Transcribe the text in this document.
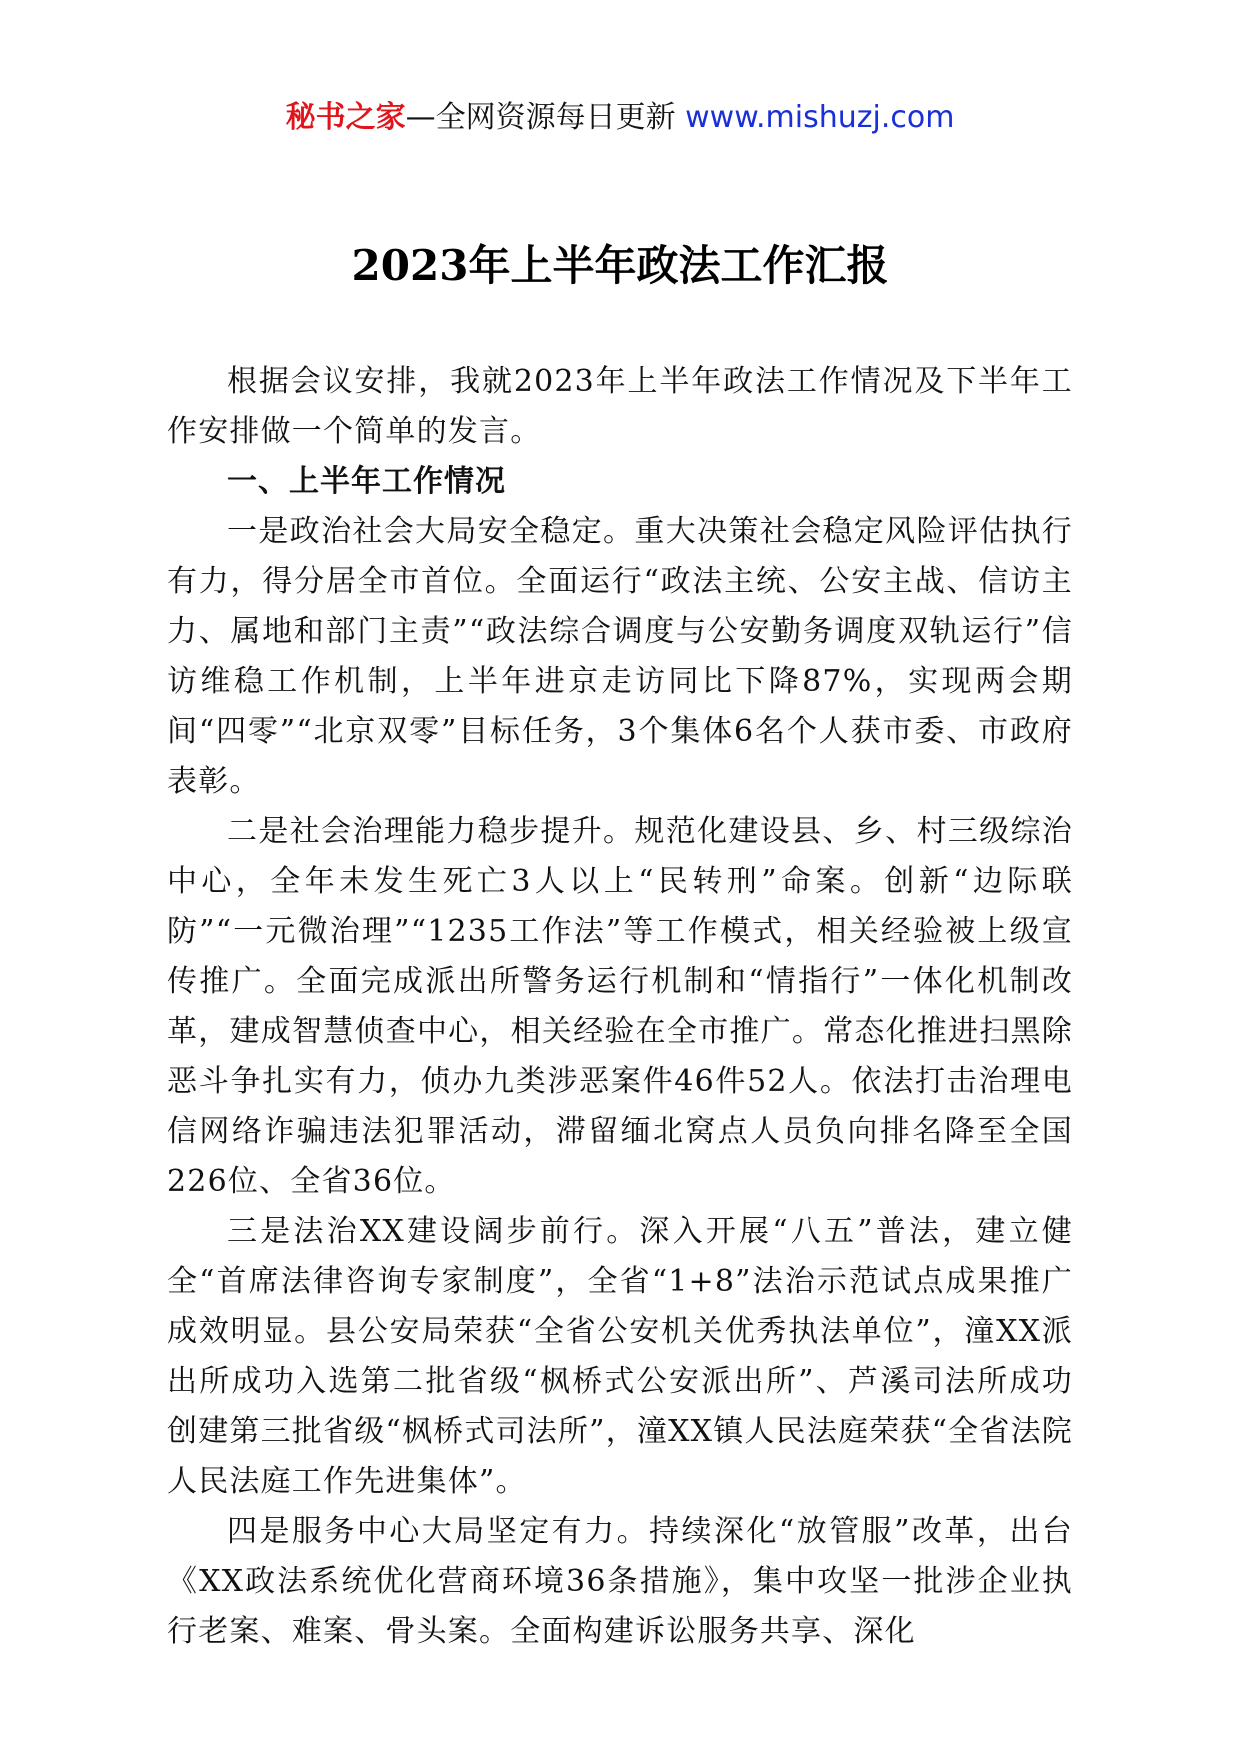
秘书之家—全网资源每日更新 www.mishuzj.com
2023年上半年政法工作汇报

根据会议安排，我就2023年上半年政法工作情况及下半年工作安排做一个简单的发言。

一、上半年工作情况

一是政治社会大局安全稳定。重大决策社会稳定风险评估执行有力，得分居全市首位。全面运行“政法主统、公安主战、信访主力、属地和部门主责”“政法综合调度与公安勤务调度双轨运行”信访维稳工作机制，上半年进京走访同比下降87%，实现两会期间“四零”“北京双零”目标任务，3个集体6名个人获市委、市政府表彰。

二是社会治理能力稳步提升。规范化建设县、乡、村三级综治中心，全年未发生死亡3人以上“民转刑”命案。创新“边际联防”“一元微治理”“1235工作法”等工作模式，相关经验被上级宣传推广。全面完成派出所警务运行机制和“情指行”一体化机制改革，建成智慧侦查中心，相关经验在全市推广。常态化推进扫黑除恶斗争扎实有力，侦办九类涉恶案件46件52人。依法打击治理电信网络诈骗违法犯罪活动，滞留缅北窝点人员负向排名降至全国226位、全省36位。

三是法治XX建设阔步前行。深入开展“八五”普法，建立健全“首席法律咨询专家制度”，全省“1+8”法治示范试点成果推广成效明显。县公安局荣获“全省公安机关优秀执法单位”，潼XX派出所成功入选第二批省级“枫桥式公安派出所”、芦溪司法所成功创建第三批省级“枫桥式司法所”，潼XX镇人民法庭荣获“全省法院人民法庭工作先进集体”。

四是服务中心大局坚定有力。持续深化“放管服”改革，出台《XX政法系统优化营商环境36条措施》，集中攻坚一批涉企业执行老案、难案、骨头案。全面构建诉讼服务共享、深化
